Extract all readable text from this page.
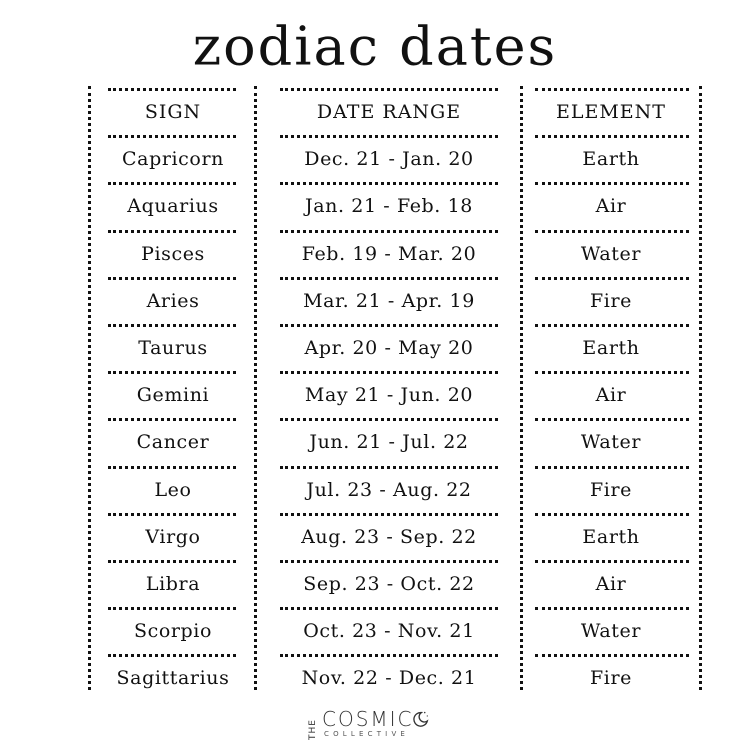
zodiac dates
SIGN	DATE RANGE	ELEMENT
Capricorn	Dec. 21 - Jan. 20	Earth
Aquarius	Jan. 21 - Feb. 18	Air
Pisces	Feb. 19 - Mar. 20	Water
Aries	Mar. 21 - Apr. 19	Fire
Taurus	Apr. 20 - May 20	Earth
Gemini	May 21 - Jun. 20	Air
Cancer	Jun. 21 - Jul. 22	Water
Leo	Jul. 23 - Aug. 22	Fire
Virgo	Aug. 23 - Sep. 22	Earth
Libra	Sep. 23 - Oct. 22	Air
Scorpio	Oct. 23 - Nov. 21	Water
Sagittarius	Nov. 22 - Dec. 21	Fire
THE COSMIC
COLLECTIVE
